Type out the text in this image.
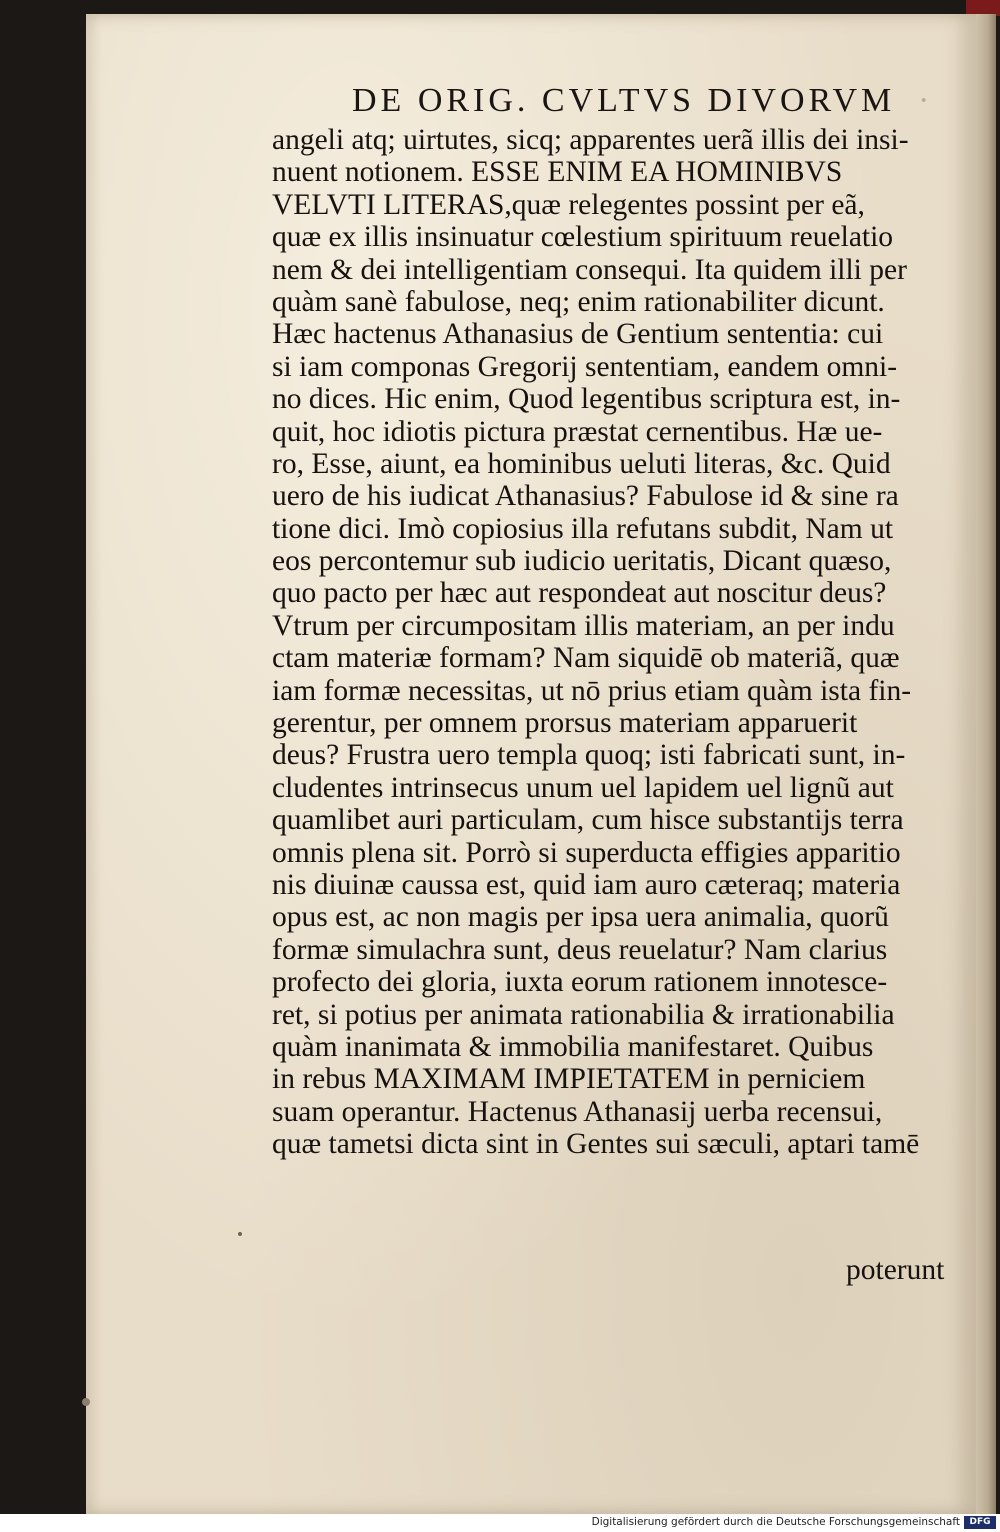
·
DE ORIG. CVLTVS DIVORVM
angeli atq; uirtutes, sicq; apparentes uerã illis dei insi-
nuent notionem. ESSE ENIM EA HOMINIBVS
VELVTI LITERAS,quæ relegentes possint per eã,
quæ ex illis insinuatur cœlestium spirituum reuelatio
nem & dei intelligentiam consequi. Ita quidem illi per
quàm sanè fabulose, neq; enim rationabiliter dicunt.
Hæc hactenus Athanasius de Gentium sententia: cui
si iam componas Gregorij sententiam, eandem omni-
no dices. Hic enim, Quod legentibus scriptura est, in-
quit, hoc idiotis pictura præstat cernentibus. Hæ ue-
ro, Esse, aiunt, ea hominibus ueluti literas, &c. Quid
uero de his iudicat Athanasius? Fabulose id & sine ra
tione dici. Imò copiosius illa refutans subdit, Nam ut
eos percontemur sub iudicio ueritatis, Dicant quæso,
quo pacto per hæc aut respondeat aut noscitur deus?
Vtrum per circumpositam illis materiam, an per indu
ctam materiæ formam? Nam siquidē ob materiã, quæ
iam formæ necessitas, ut nō prius etiam quàm ista fin-
gerentur, per omnem prorsus materiam apparuerit
deus? Frustra uero templa quoq; isti fabricati sunt, in-
cludentes intrinsecus unum uel lapidem uel lignũ aut
quamlibet auri particulam, cum hisce substantijs terra
omnis plena sit. Porrò si superducta effigies apparitio
nis diuinæ caussa est, quid iam auro cæteraq; materia
opus est, ac non magis per ipsa uera animalia, quorũ
formæ simulachra sunt, deus reuelatur? Nam clarius
profecto dei gloria, iuxta eorum rationem innotesce-
ret, si potius per animata rationabilia & irrationabilia
quàm inanimata & immobilia manifestaret. Quibus
in rebus MAXIMAM IMPIETATEM in perniciem
suam operantur. Hactenus Athanasij uerba recensui,
quæ tametsi dicta sint in Gentes sui sæculi, aptari tamē
poterunt
Digitalisierung gefördert durch die Deutsche Forschungsgemeinschaft	DFG
